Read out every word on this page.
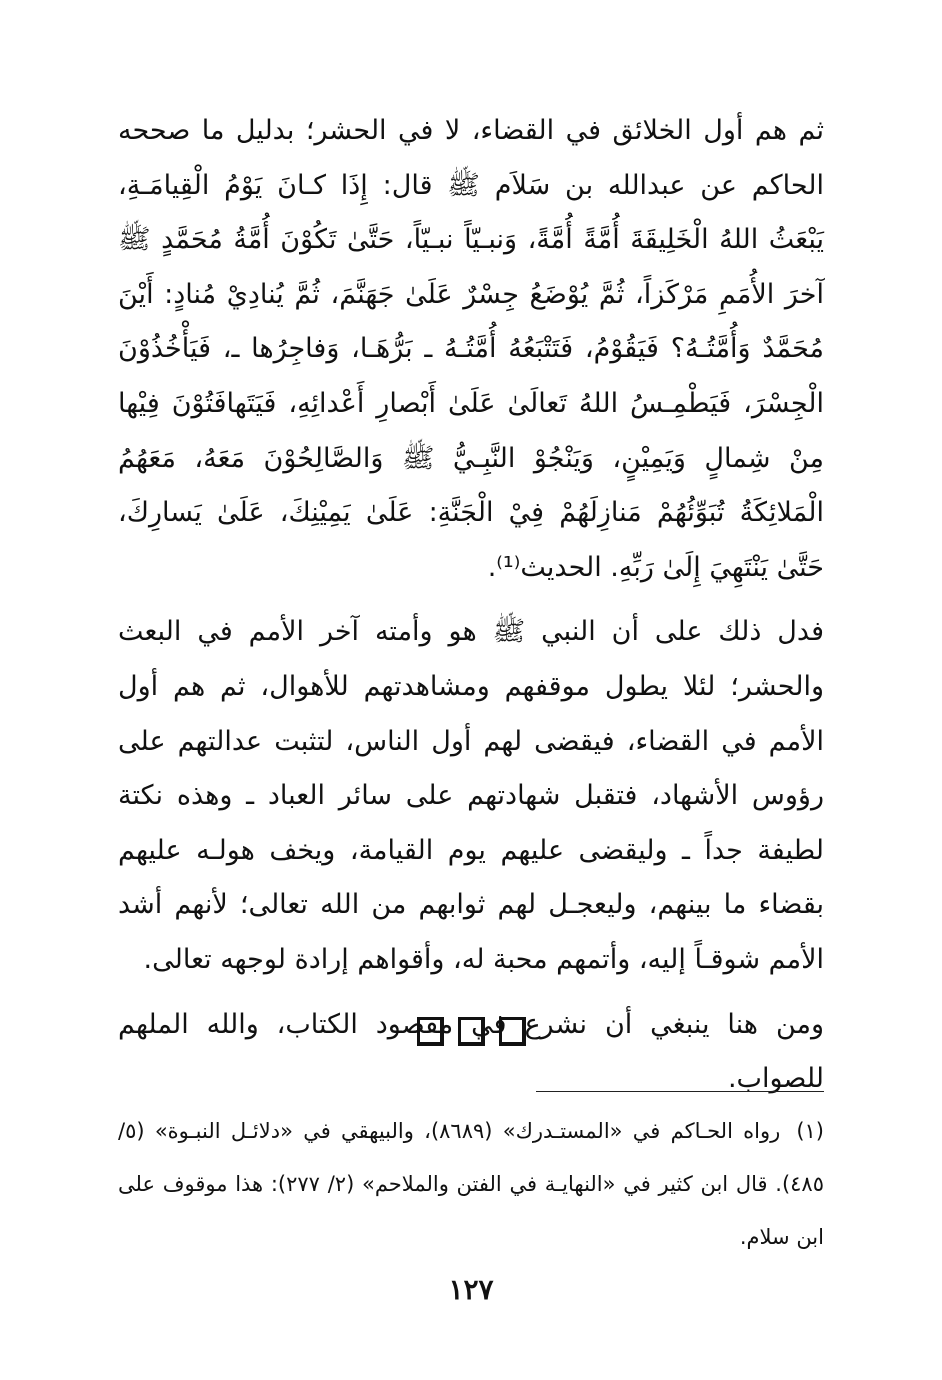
ثم هم أول الخلائق في القضاء، لا في الحشر؛ بدليل ما صححه الحاكم عن عبدالله بن سَلاَم ﷺ قال: إِذَا كـانَ يَوْمُ الْقِيامَـةِ، يَبْعَثُ اللهُ الْخَلِيقَةَ أُمَّةً أُمَّةً، وَنبـيّاً نبـيّاً، حَتَّىٰ تَكُوْنَ أُمَّةُ مُحَمَّدٍ ﷺ آخرَ الأُمَمِ مَرْكَزاً، ثُمَّ يُوْضَعُ جِسْرٌ عَلَىٰ جَهَنَّمَ، ثُمَّ يُنادِيْ مُنادٍ: أَيْنَ مُحَمَّدٌ وَأُمَّتُـهُ؟ فَيَقُوْمُ، فَتَتْبَعُهُ أُمَّتُـهُ ـ بَرُّهَـا، وَفاجِرُها ـ، فَيَأْخُذُوْنَ الْجِسْرَ، فَيَطْمِـسُ اللهُ تَعالَىٰ عَلَىٰ أَبْصارِ أَعْدائِهِ، فَيَتَهافَتُوْنَ فِيْها مِنْ شِمالٍ وَيَمِيْنٍ، وَيَنْجُوْ النَّبِـيُّ ﷺ وَالصَّالِحُوْنَ مَعَهُ، مَعَهُمُ الْمَلائِكَةُ تُبَوِّئُهُمْ مَنازِلَهُمْ فِيْ الْجَنَّةِ: عَلَىٰ يَمِيْنِكَ، عَلَىٰ يَسارِكَ، حَتَّىٰ يَنْتَهِيَ إِلَىٰ رَبِّهِ. الحديث⁽¹⁾.

فدل ذلك على أن النبي ﷺ هو وأمته آخر الأمم في البعث والحشر؛ لئلا يطول موقفهم ومشاهدتهم للأهوال، ثم هم أول الأمم في القضاء، فيقضى لهم أول الناس، لتثبت عدالتهم على رؤوس الأشهاد، فتقبل شهادتهم على سائر العباد ـ وهذه نكتة لطيفة جداً ـ وليقضى عليهم يوم القيامة، ويخف هولـه عليهم بقضاء ما بينهم، وليعجـل لهم ثوابهم من الله تعالى؛ لأنهم أشد الأمم شوقـاً إليه، وأتمهم محبة له، وأقواهم إرادة لوجهه تعالى.

ومن هنا ينبغي أن نشرع في مقصود الكتاب، والله الملهم للصواب.

(١)رواه الحـاكم في «المستـدرك» (٨٦٨٩)، والبيهقي في «دلائـل النبـوة» (٥/ ٤٨٥). قال ابن كثير في «النهايـة في الفتن والملاحم» (٢/ ٢٧٧): هذا موقوف على ابن سلام.

١٢٧
